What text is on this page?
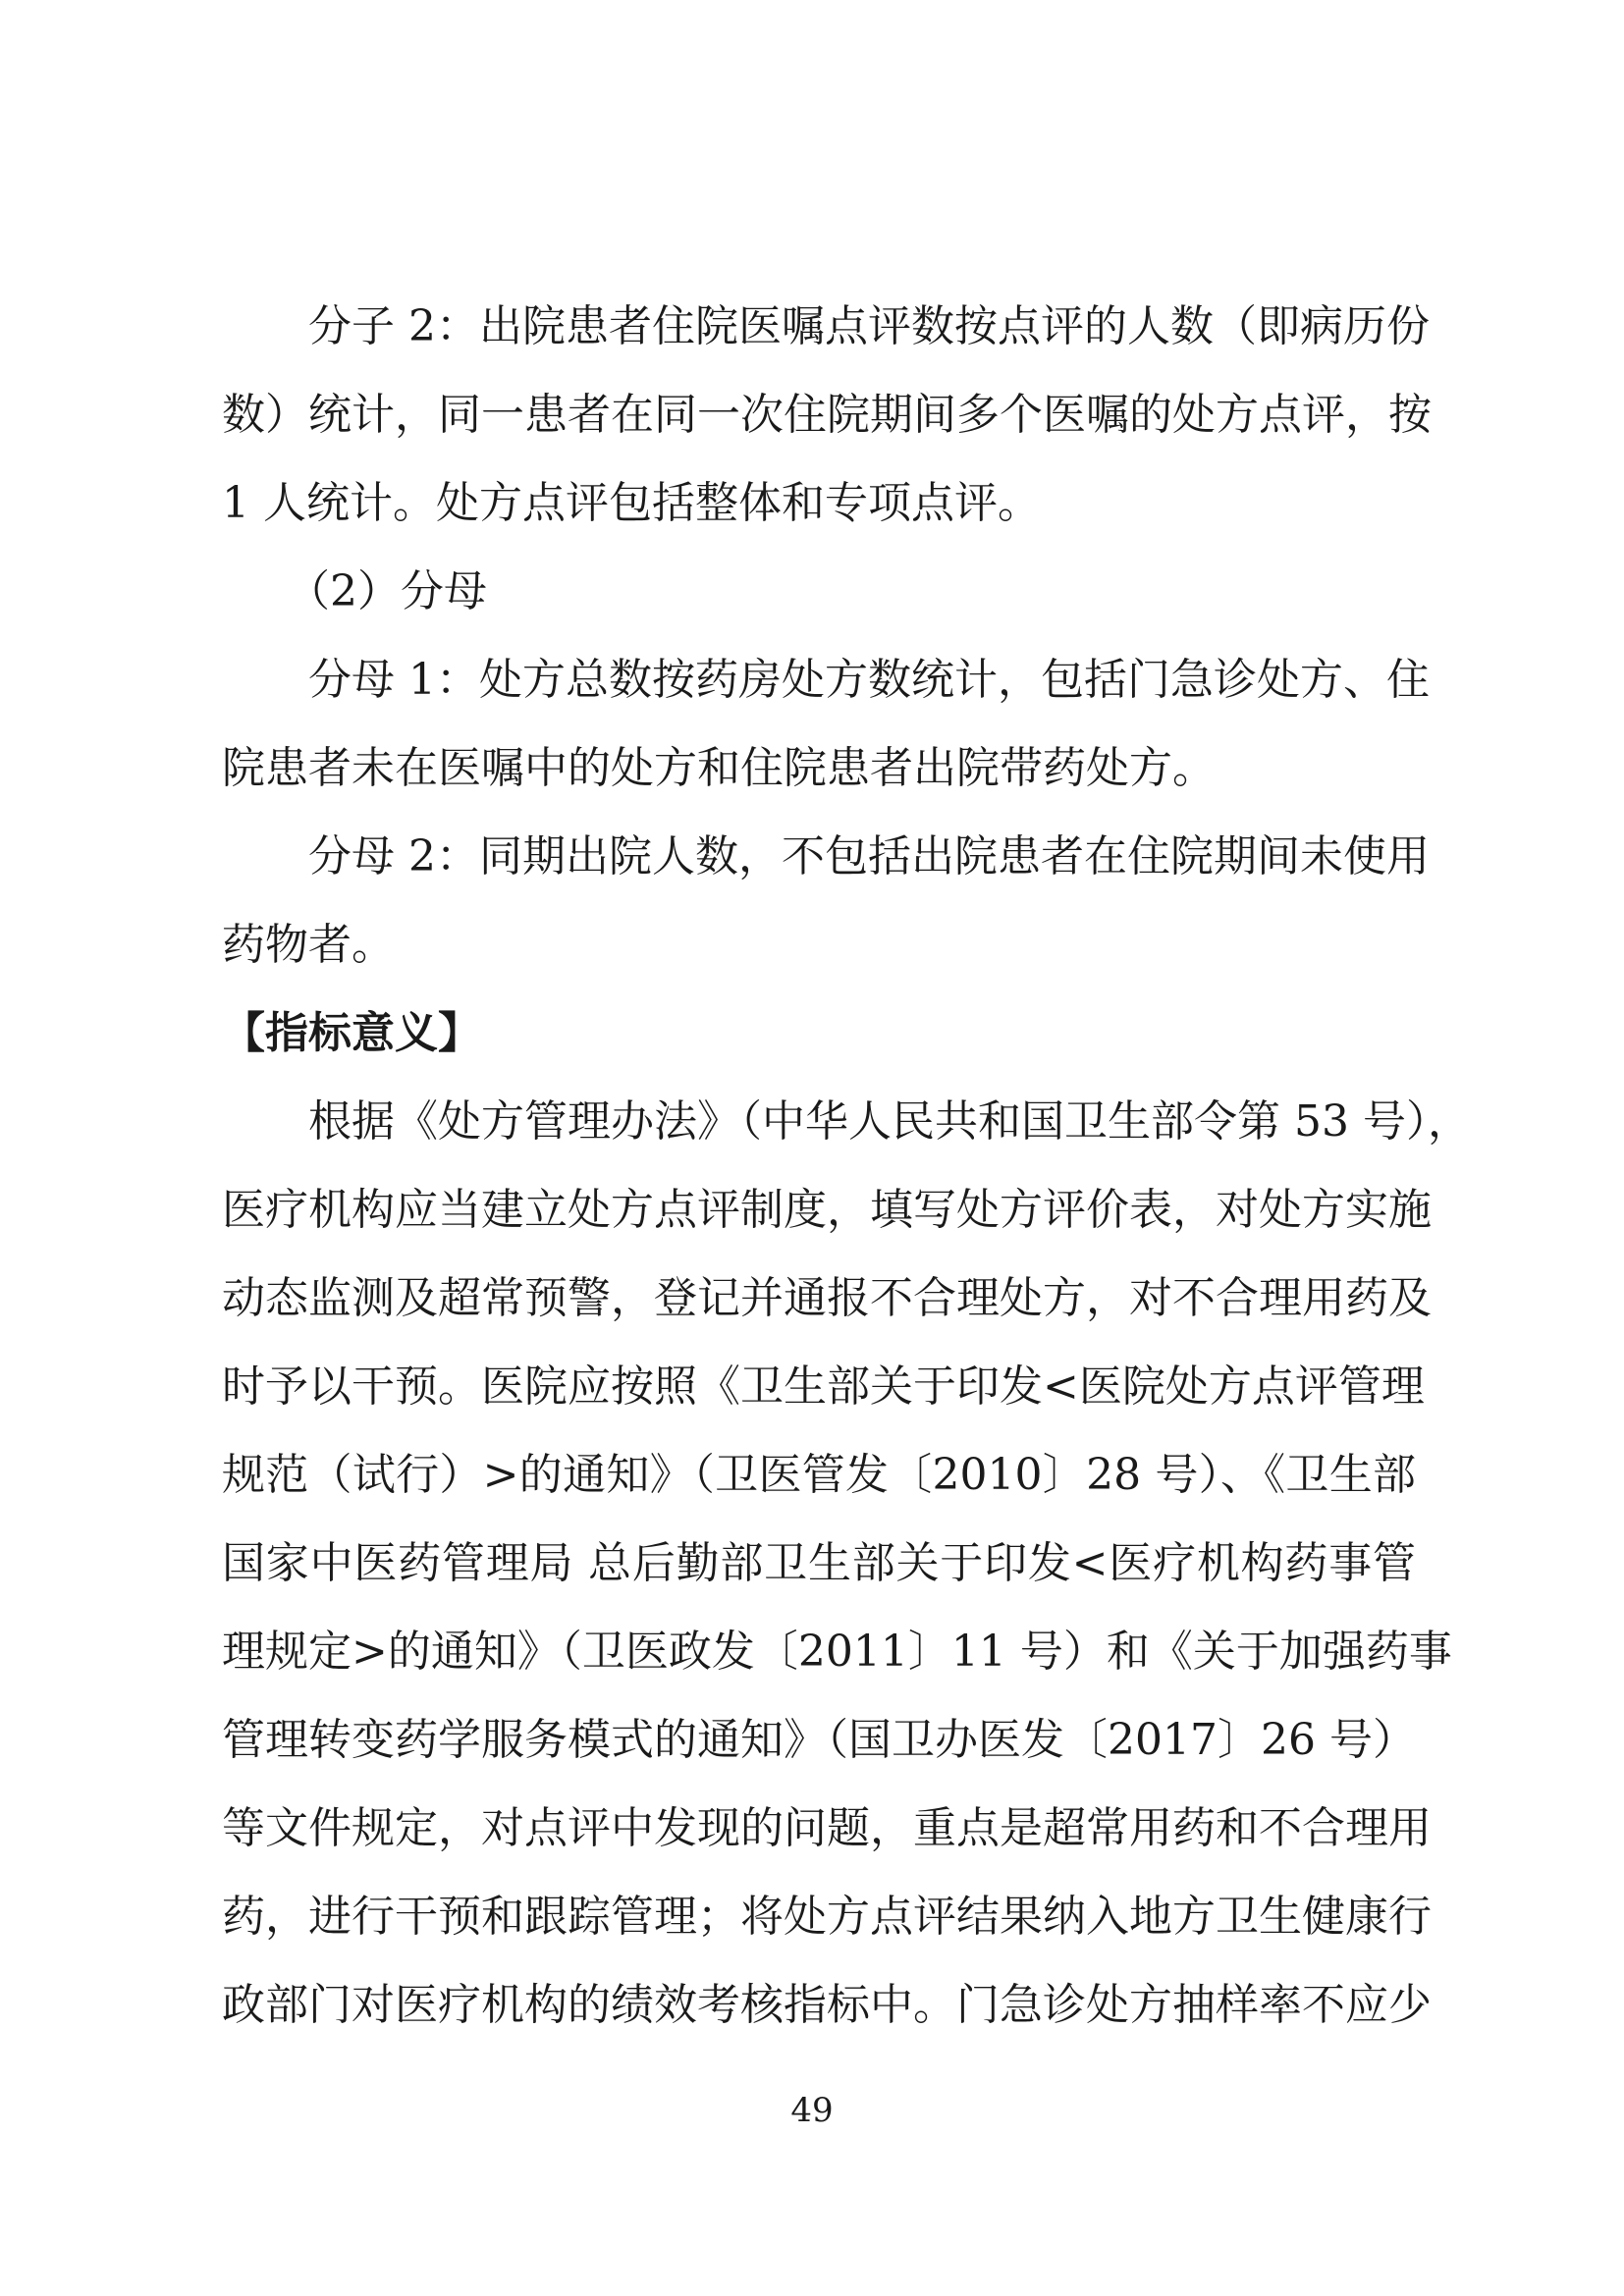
分子 2：出院患者住院医嘱点评数按点评的人数（即病历份
数）统计，同一患者在同一次住院期间多个医嘱的处方点评，按
1 人统计。处方点评包括整体和专项点评。
（2）分母
分母 1：处方总数按药房处方数统计，包括门急诊处方、住
院患者未在医嘱中的处方和住院患者出院带药处方。
分母 2：同期出院人数，不包括出院患者在住院期间未使用
药物者。
【指标意义】
根据《处方管理办法》（中华人民共和国卫生部令第 53 号），
医疗机构应当建立处方点评制度，填写处方评价表，对处方实施
动态监测及超常预警，登记并通报不合理处方，对不合理用药及
时予以干预。医院应按照《卫生部关于印发<医院处方点评管理
规范（试行）>的通知》（卫医管发〔2010〕28 号）、《卫生部
国家中医药管理局 总后勤部卫生部关于印发<医疗机构药事管
理规定>的通知》（卫医政发〔2011〕11 号）和《关于加强药事
管理转变药学服务模式的通知》（国卫办医发〔2017〕26 号）
等文件规定，对点评中发现的问题，重点是超常用药和不合理用
药，进行干预和跟踪管理；将处方点评结果纳入地方卫生健康行
政部门对医疗机构的绩效考核指标中。门急诊处方抽样率不应少
49
